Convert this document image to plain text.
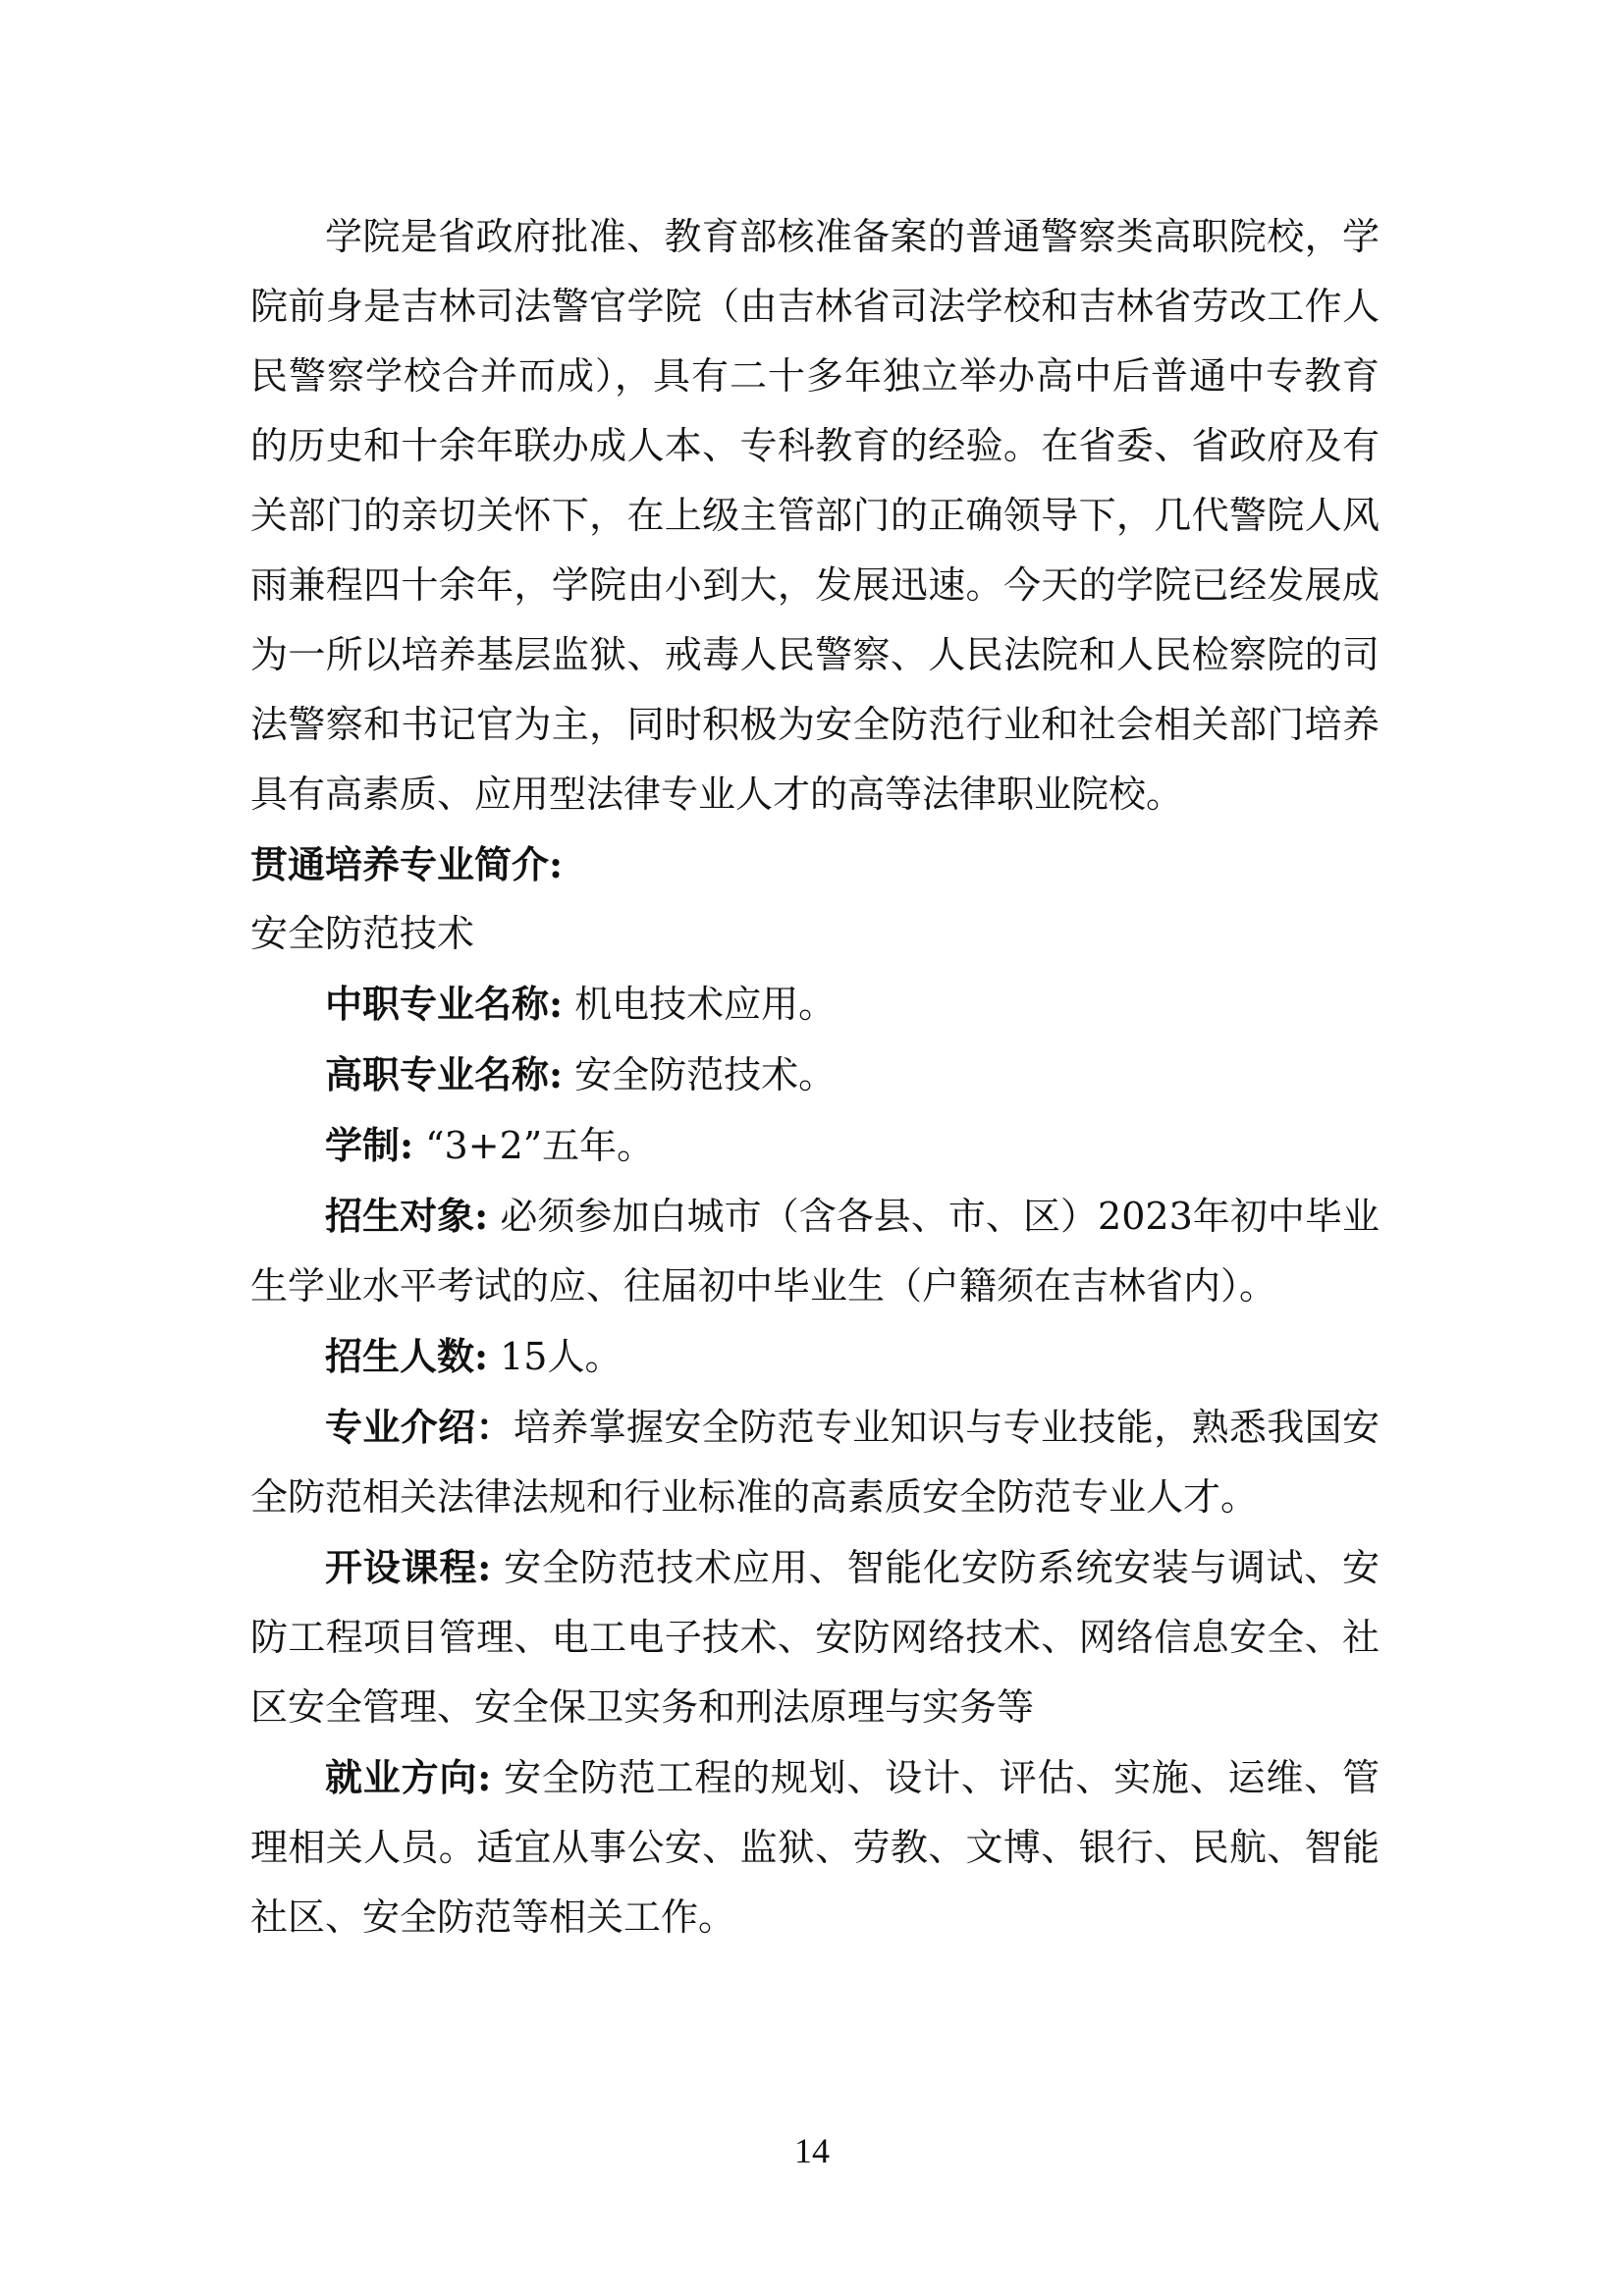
学院是省政府批准、教育部核准备案的普通警察类高职院校，学院前身是吉林司法警官学院（由吉林省司法学校和吉林省劳改工作人民警察学校合并而成），具有二十多年独立举办高中后普通中专教育的历史和十余年联办成人本、专科教育的经验。在省委、省政府及有关部门的亲切关怀下，在上级主管部门的正确领导下，几代警院人风雨兼程四十余年，学院由小到大，发展迅速。今天的学院已经发展成为一所以培养基层监狱、戒毒人民警察、人民法院和人民检察院的司法警察和书记官为主，同时积极为安全防范行业和社会相关部门培养具有高素质、应用型法律专业人才的高等法律职业院校。

贯通培养专业简介:

安全防范技术

中职专业名称: 机电技术应用。

高职专业名称: 安全防范技术。

学制: “3+2”五年。

招生对象: 必须参加白城市（含各县、市、区）2023年初中毕业生学业水平考试的应、往届初中毕业生（户籍须在吉林省内）。

招生人数: 15人。

专业介绍：培养掌握安全防范专业知识与专业技能，熟悉我国安全防范相关法律法规和行业标准的高素质安全防范专业人才。

开设课程: 安全防范技术应用、智能化安防系统安装与调试、安防工程项目管理、电工电子技术、安防网络技术、网络信息安全、社区安全管理、安全保卫实务和刑法原理与实务等

就业方向: 安全防范工程的规划、设计、评估、实施、运维、管理相关人员。适宜从事公安、监狱、劳教、文博、银行、民航、智能社区、安全防范等相关工作。

14
